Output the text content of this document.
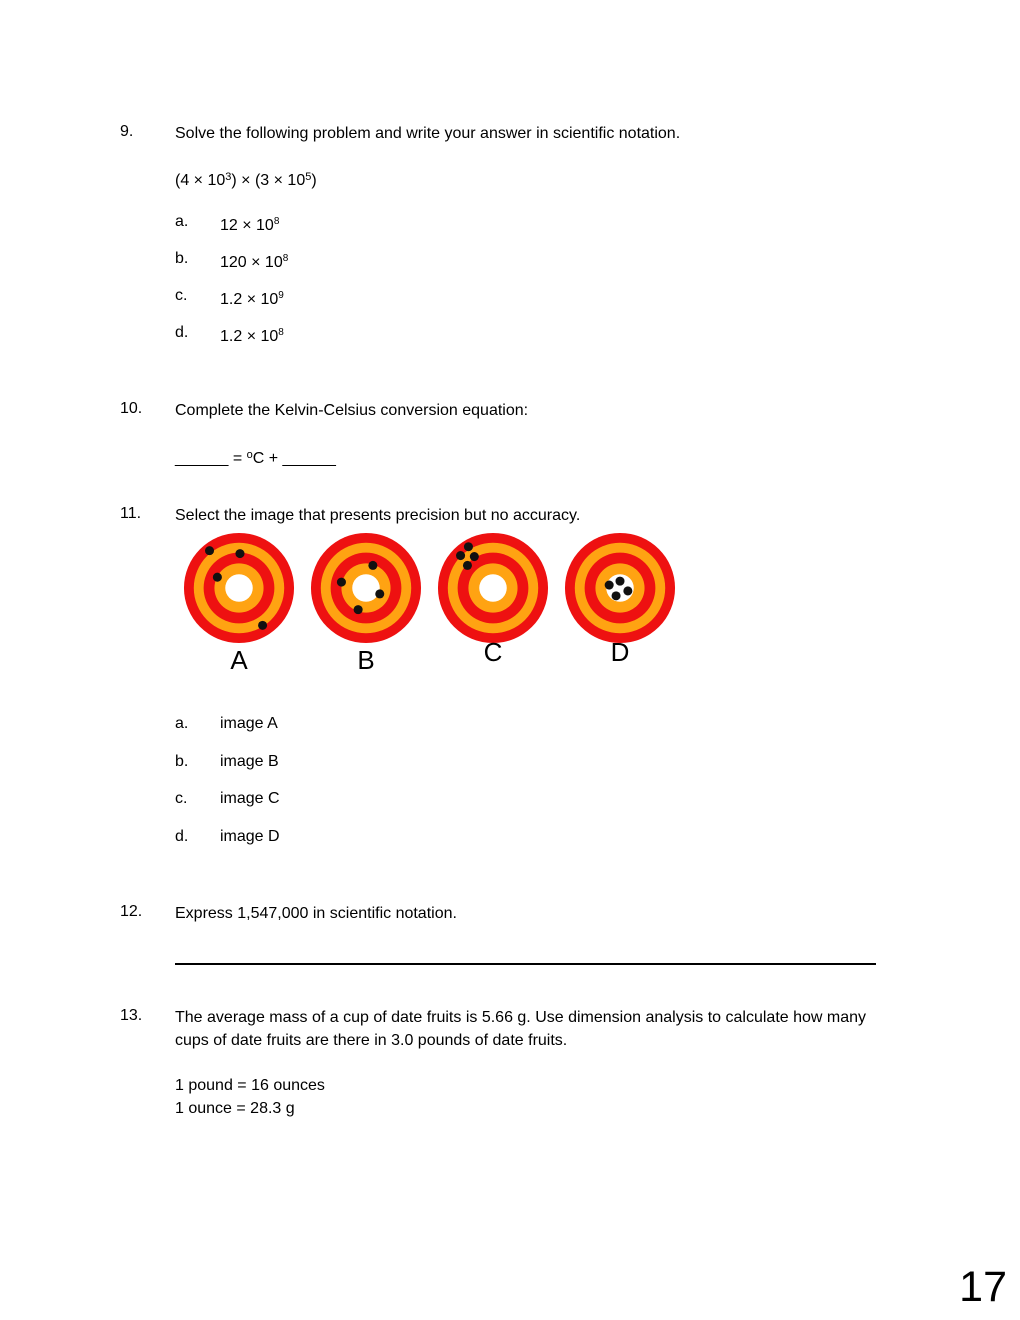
9.	Solve the following problem and write your answer in scientific notation.
$(4 \times 10^3) \times (3 \times 10^5)$
a.	$12 \times 10^8$
b.	$120 \times 10^8$
c.	$1.2 \times 10^9$
d.	$1.2 \times 10^8$
10.	Complete the Kelvin-Celsius conversion equation:
______ = $^o$C + ______
11.	Select the image that presents precision but no accuracy.
A	B	C	D
a.	image A
b.	image B
c.	image C
d.	image D
12.	Express 1,547,000 in scientific notation.
13.	The average mass of a cup of date fruits is 5.66 g. Use dimension analysis to calculate how many cups of date fruits are there in 3.0 pounds of date fruits.
1 pound = 16 ounces
1 ounce = 28.3 g
17
